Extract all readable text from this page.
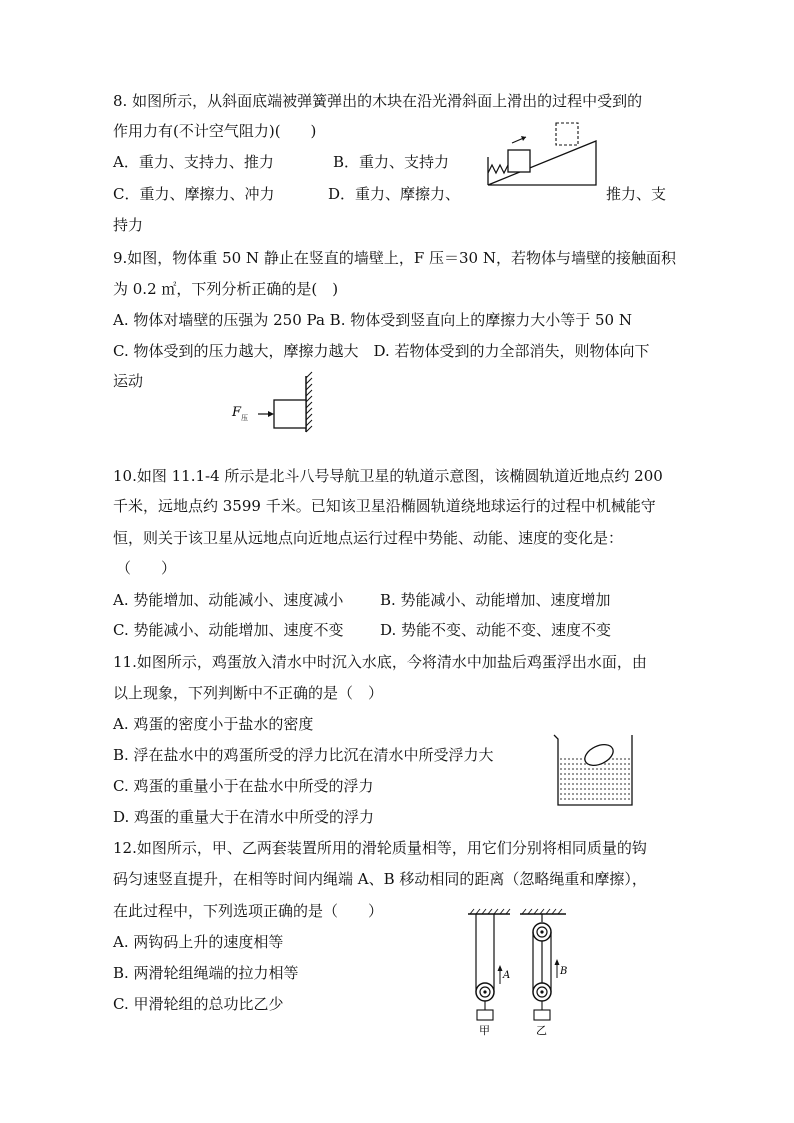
8. 如图所示，从斜面底端被弹簧弹出的木块在沿光滑斜面上滑出的过程中受到的
作用力有(不计空气阻力)(　　)
A．重力、支持力、推力	B．重力、支持力
C．重力、摩擦力、冲力	D．重力、摩擦力、	推力、支
持力
9.如图，物体重 50 N 静止在竖直的墙壁上，F 压＝30 N，若物体与墙壁的接触面积
为 0.2 ㎡，下列分析正确的是(　)
A. 物体对墙壁的压强为 250 Pa B. 物体受到竖直向上的摩擦力大小等于 50 N
C. 物体受到的压力越大，摩擦力越大　D. 若物体受到的力全部消失，则物体向下
运动
F 压
10.如图 11.1-4 所示是北斗八号导航卫星的轨道示意图，该椭圆轨道近地点约 200
千米，远地点约 3599 千米。已知该卫星沿椭圆轨道绕地球运行的过程中机械能守
恒，则关于该卫星从远地点向近地点运行过程中势能、动能、速度的变化是：
（　　）
A. 势能增加、动能减小、速度减小 B. 势能减小、动能增加、速度增加
C. 势能减小、动能增加、速度不变 D. 势能不变、动能不变、速度不变
11.如图所示，鸡蛋放入清水中时沉入水底，今将清水中加盐后鸡蛋浮出水面，由
以上现象，下列判断中不正确的是（　）
A. 鸡蛋的密度小于盐水的密度
B. 浮在盐水中的鸡蛋所受的浮力比沉在清水中所受浮力大
C. 鸡蛋的重量小于在盐水中所受的浮力
D. 鸡蛋的重量大于在清水中所受的浮力
12.如图所示，甲、乙两套装置所用的滑轮质量相等，用它们分别将相同质量的钩
码匀速竖直提升，在相等时间内绳端 A、B 移动相同的距离（忽略绳重和摩擦），
在此过程中，下列选项正确的是（　　）
A. 两钩码上升的速度相等
B. 两滑轮组绳端的拉力相等
C. 甲滑轮组的总功比乙少
A
甲
B
乙
